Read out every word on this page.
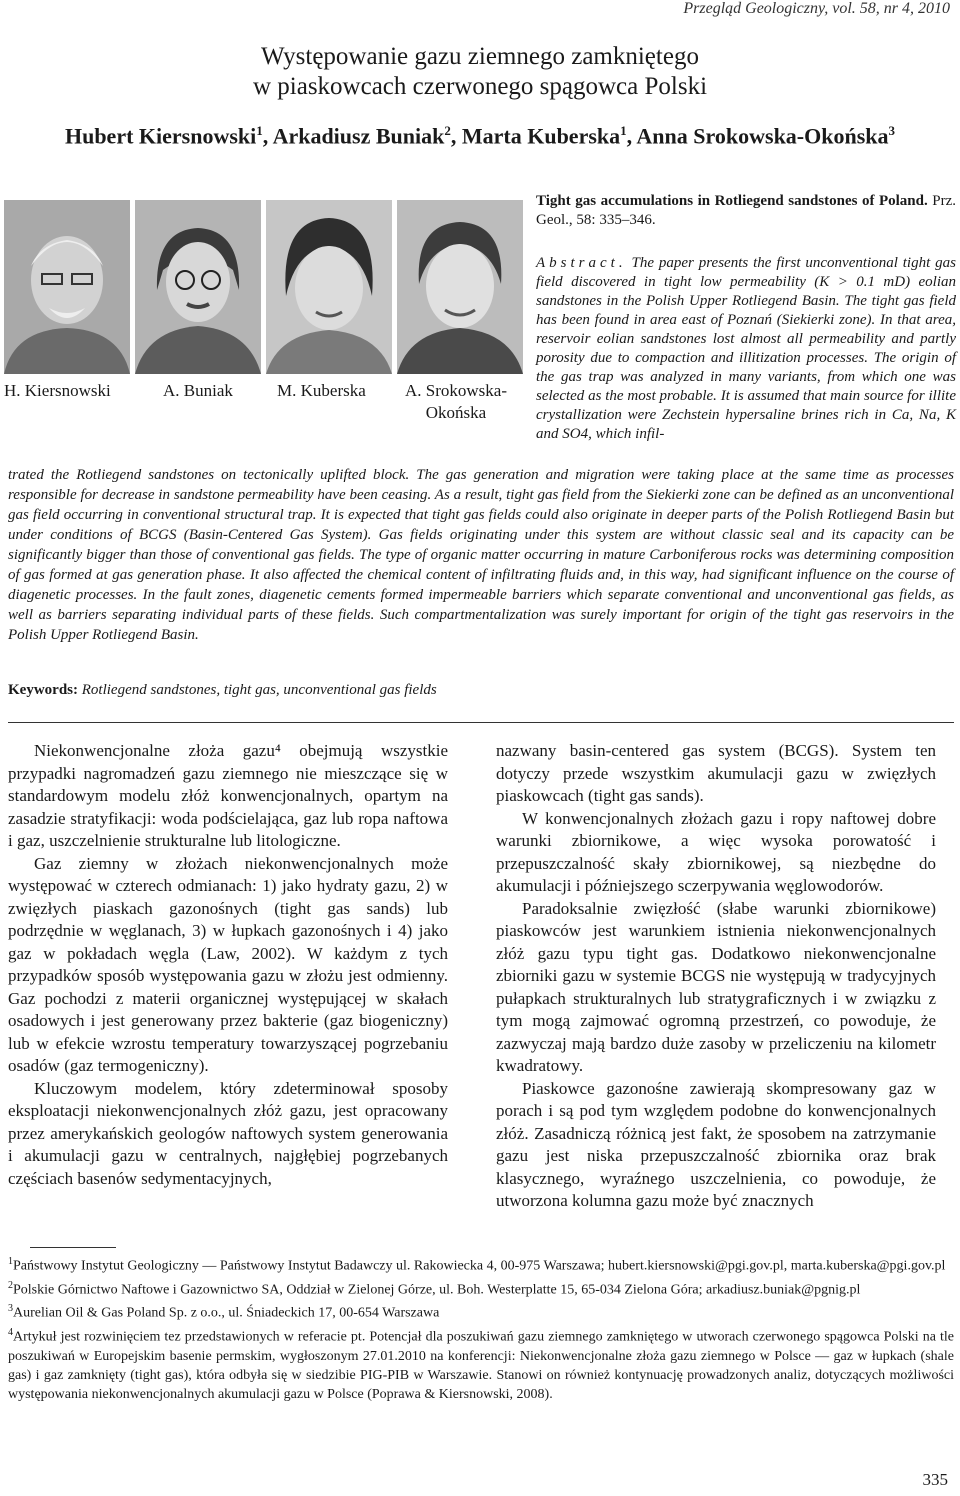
Przegląd Geologiczny, vol. 58, nr 4, 2010
Występowanie gazu ziemnego zamkniętego
w piaskowcach czerwonego spągowca Polski
Hubert Kiersnowski$^1$, Arkadiusz Buniak$^2$, Marta Kuberska$^1$, Anna Srokowska-Okońska$^3$
H. Kiersnowski	A. Buniak	M. Kuberska A. Srokowska-
Okońska
Tight gas accumulations in Rotliegend sandstones of Poland. Prz. Geol., 58: 335–346.
Abstract. The paper presents the first unconventional tight gas field discovered in tight low permeability (K > 0.1 mD) eolian sandstones in the Polish Upper Rotliegend Basin. The tight gas field has been found in area east of Poznań (Siekierki zone). In that area, reservoir eolian sandstones lost almost all permeability and partly porosity due to compaction and illitization processes. The origin of the gas trap was analyzed in many variants, from which one was selected as the most probable. It is assumed that main source for illite crystallization were Zechstein hypersaline brines rich in Ca, Na, K and SO4, which infil-
trated the Rotliegend sandstones on tectonically uplifted block. The gas generation and migration were taking place at the same time as processes responsible for decrease in sandstone permeability have been ceasing. As a result, tight gas field from the Siekierki zone can be defined as an unconventional gas field occurring in conventional structural trap. It is expected that tight gas fields could also originate in deeper parts of the Polish Rotliegend Basin but under conditions of BCGS (Basin-Centered Gas System). Gas fields originating under this system are without classic seal and its capacity can be significantly bigger than those of conventional gas fields. The type of organic matter occurring in mature Carboniferous rocks was determining composition of gas formed at gas generation phase. It also affected the chemical content of infiltrating fluids and, in this way, had significant influence on the course of diagenetic processes. In the fault zones, diagenetic cements formed impermeable barriers which separate conventional and unconventional gas fields, as well as barriers separating individual parts of these fields. Such compartmentalization was surely important for origin of the tight gas reservoirs in the Polish Upper Rotliegend Basin.
Keywords: Rotliegend sandstones, tight gas, unconventional gas fields

Niekonwencjonalne złoża gazu⁴ obejmują wszystkie przypadki nagromadzeń gazu ziemnego nie mieszczące się w standardowym modelu złóż konwencjonalnych, opartym na zasadzie stratyfikacji: woda podścielająca, gaz lub ropa naftowa i gaz, uszczelnienie strukturalne lub litologiczne.

Gaz ziemny w złożach niekonwencjonalnych może występować w czterech odmianach: 1) jako hydraty gazu, 2) w zwięzłych piaskach gazonośnych (tight gas sands) lub podrzędnie w węglanach, 3) w łupkach gazonośnych i 4) jako gaz w pokładach węgla (Law, 2002). W każdym z tych przypadków sposób występowania gazu w złożu jest odmienny. Gaz pochodzi z materii organicznej występującej w skałach osadowych i jest generowany przez bakterie (gaz biogeniczny) lub w efekcie wzrostu temperatury towarzyszącej pogrzebaniu osadów (gaz termogeniczny).

Kluczowym modelem, który zdeterminował sposoby eksploatacji niekonwencjonalnych złóż gazu, jest opracowany przez amerykańskich geologów naftowych system generowania i akumulacji gazu w centralnych, najgłębiej pogrzebanych częściach basenów sedymentacyjnych,

nazwany basin-centered gas system (BCGS). System ten dotyczy przede wszystkim akumulacji gazu w zwięzłych piaskowcach (tight gas sands).

W konwencjonalnych złożach gazu i ropy naftowej dobre warunki zbiornikowe, a więc wysoka porowatość i przepuszczalność skały zbiornikowej, są niezbędne do akumulacji i późniejszego sczerpywania węglowodorów.

Paradoksalnie zwięzłość (słabe warunki zbiornikowe) piaskowców jest warunkiem istnienia niekonwencjonalnych złóż gazu typu tight gas. Dodatkowo niekonwencjonalne zbiorniki gazu w systemie BCGS nie występują w tradycyjnych pułapkach strukturalnych lub stratygraficznych i w związku z tym mogą zajmować ogromną przestrzeń, co powoduje, że zazwyczaj mają bardzo duże zasoby w przeliczeniu na kilometr kwadratowy.

Piaskowce gazonośne zawierają skompresowany gaz w porach i są pod tym względem podobne do konwencjonalnych złóż. Zasadniczą różnicą jest fakt, że sposobem na zatrzymanie gazu jest niska przepuszczalność zbiornika oraz brak klasycznego, wyraźnego uszczelnienia, co powoduje, że utworzona kolumna gazu może być znacznych

$^1$Państwowy Instytut Geologiczny — Państwowy Instytut Badawczy ul. Rakowiecka 4, 00-975 Warszawa; hubert.kiersnowski@pgi.gov.pl, marta.kuberska@pgi.gov.pl

$^2$Polskie Górnictwo Naftowe i Gazownictwo SA, Oddział w Zielonej Górze, ul. Boh. Westerplatte 15, 65-034 Zielona Góra; arkadiusz.buniak@pgnig.pl

$^3$Aurelian Oil & Gas Poland Sp. z o.o., ul. Śniadeckich 17, 00-654 Warszawa

$^4$Artykuł jest rozwinięciem tez przedstawionych w referacie pt. Potencjał dla poszukiwań gazu ziemnego zamkniętego w utworach czerwonego spągowca Polski na tle poszukiwań w Europejskim basenie permskim, wygłoszonym 27.01.2010 na konferencji: Niekonwencjonalne złoża gazu ziemnego w Polsce — gaz w łupkach (shale gas) i gaz zamknięty (tight gas), która odbyła się w siedzibie PIG-PIB w Warszawie. Stanowi on również kontynuację prowadzonych analiz, dotyczących możliwości występowania niekonwencjonalnych akumulacji gazu w Polsce (Poprawa & Kiersnowski, 2008).

335
